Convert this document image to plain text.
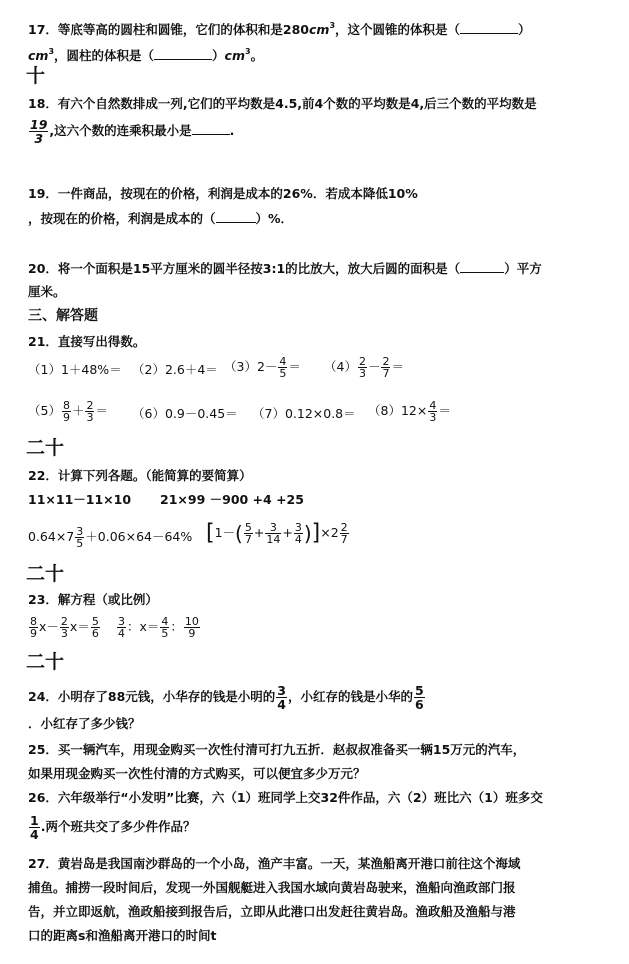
17．等底等高的圆柱和圆锥，它们的体积和是$280cm^3$，这个圆锥的体积是（	）
$cm^3$，圆柱的体积是（	）$cm^3$。
十
18．有六个自然数排成一列,它们的平均数是4.5,前4个数的平均数是4,后三个数的平均数是
$\frac{19}{3}$ ,这六个数的连乘积最小是	.
19．一件商品，按现在的价格，利润是成本的26%．若成本降低10%
，按现在的价格，利润是成本的（	）%．
20．将一个面积是15平方厘米的圆半径按3:1的比放大，放大后圆的面积是（	）平方
厘米。
三、解答题
21．直接写出得数。
$(1)1+48\%= (2)2.6+4= (3)2- \frac{4}{5} = (4) \frac{2}{3} - \frac{2}{7}$ ＝
$(5) \frac{8}{9} + \frac{2}{3} = (6)0.9-0.45= (7)0.12\times 0.8= (8)12\times \frac{4}{3}$ ＝
二十
22．计算下列各题。（能简算的要简算）
11×11－11×10 21×99 －900 +4 +25
$0.64\times 7 \frac{3}{5} +0.06\times 64-64\%$ $[1-( \frac{5}{7} + \frac{3}{14} + \frac{3}{4} )]\times 2 \frac{2}{7}$
二十
23．解方程（或比例）
$\frac{8}{9} x- \frac{2}{3} x= \frac{5}{6} \frac{3}{4}$ ：$x= \frac{4}{5}$ ： $\frac{10}{9}$
二十
24．小明存了88元钱，小华存的钱是小明的 $\frac{3}{4}$ ，小红存的钱是小华的 $\frac{5}{6}$
．小红存了多少钱？
25．买一辆汽车，用现金购买一次性付清可打九五折．赵叔叔准备买一辆15万元的汽车，
如果用现金购买一次性付清的方式购买，可以便宜多少万元？
26．六年级举行“小发明”比赛，六（1）班同学上交32件作品，六（2）班比六（1）班多交
$\frac{1}{4}$ .两个班共交了多少件作品？
27．黄岩岛是我国南沙群岛的一个小岛，渔产丰富。一天，某渔船离开港口前往这个海域
捕鱼。捕捞一段时间后，发现一外国舰艇进入我国水域向黄岩岛驶来，渔船向渔政部门报
告，并立即返航，渔政船接到报告后，立即从此港口出发赶往黄岩岛。渔政船及渔船与港
口的距离s和渔船离开港口的时间t
